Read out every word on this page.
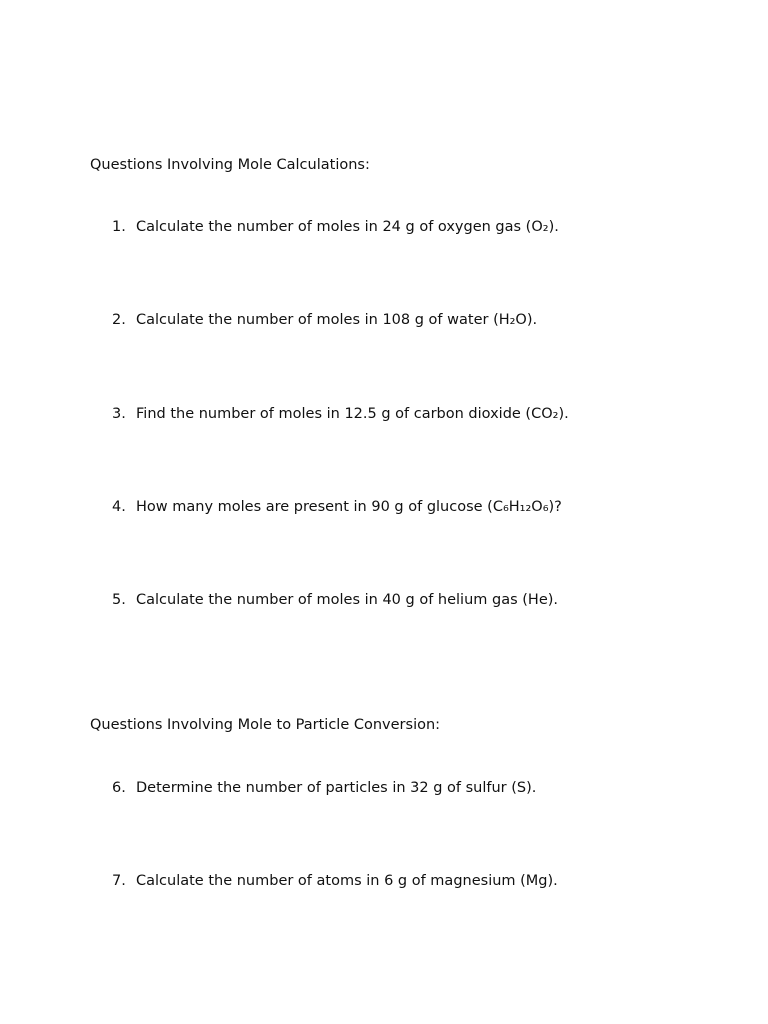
Questions Involving Mole Calculations:
1. Calculate the number of moles in 24 g of oxygen gas (O₂).
2. Calculate the number of moles in 108 g of water (H₂O).
3. Find the number of moles in 12.5 g of carbon dioxide (CO₂).
4. How many moles are present in 90 g of glucose (C₆H₁₂O₆)?
5. Calculate the number of moles in 40 g of helium gas (He).
Questions Involving Mole to Particle Conversion:
6. Determine the number of particles in 32 g of sulfur (S).
7. Calculate the number of atoms in 6 g of magnesium (Mg).
